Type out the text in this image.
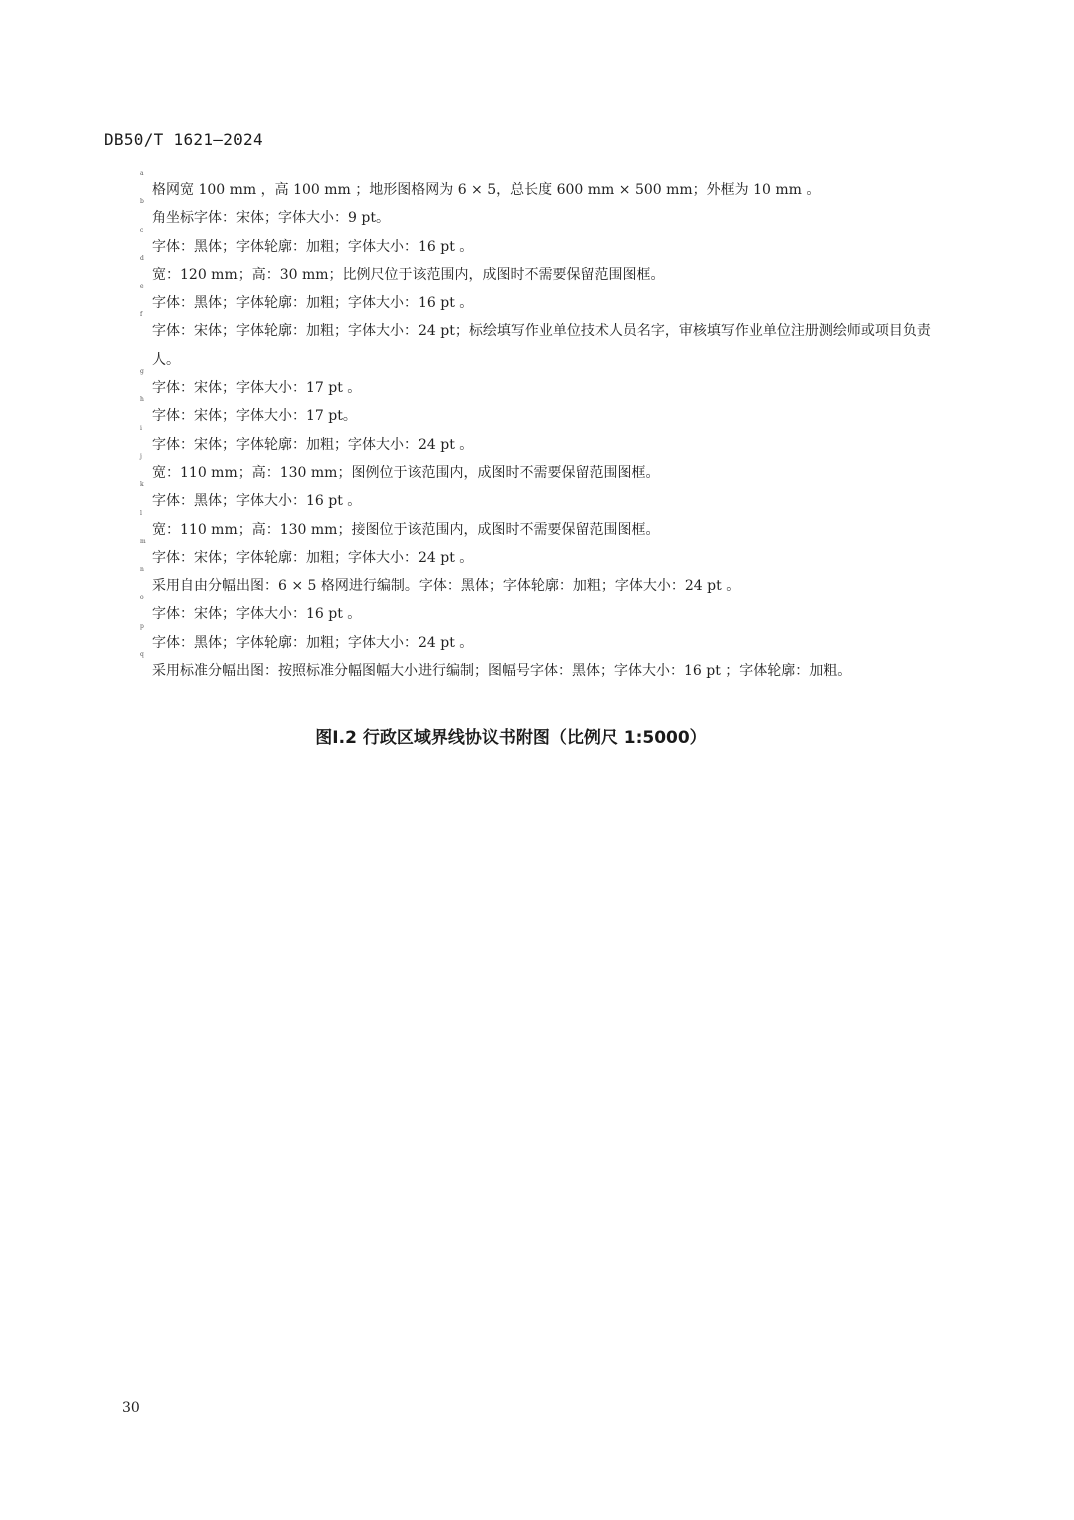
DB50/T 1621—2024
a
格网宽 100 mm ，高 100 mm ；地形图格网为 6 × 5，总长度 600 mm × 500 mm；外框为 10 mm 。
b
角坐标字体：宋体；字体大小：9 pt。
c
字体：黑体；字体轮廓：加粗；字体大小：16 pt 。
d
宽：120 mm；高：30 mm；比例尺位于该范围内，成图时不需要保留范围图框。
e
字体：黑体；字体轮廓：加粗；字体大小：16 pt 。
f
字体：宋体；字体轮廓：加粗；字体大小：24 pt；标绘填写作业单位技术人员名字，审核填写作业单位注册测绘师或项目负责人。
g
字体：宋体；字体大小：17 pt 。
h
字体：宋体；字体大小：17 pt。
i
字体：宋体；字体轮廓：加粗；字体大小：24 pt 。
j
宽：110 mm；高：130 mm；图例位于该范围内，成图时不需要保留范围图框。
k
字体：黑体；字体大小：16 pt 。
l
宽：110 mm；高：130 mm；接图位于该范围内，成图时不需要保留范围图框。
m
字体：宋体；字体轮廓：加粗；字体大小：24 pt 。
n
采用自由分幅出图：6 × 5 格网进行编制。字体：黑体；字体轮廓：加粗；字体大小：24 pt 。
o
字体：宋体；字体大小：16 pt 。
p
字体：黑体；字体轮廓：加粗；字体大小：24 pt 。
q
采用标准分幅出图：按照标准分幅图幅大小进行编制；图幅号字体：黑体；字体大小：16 pt ；字体轮廓：加粗。
图I.2 行政区域界线协议书附图（比例尺 1:5000）
30
